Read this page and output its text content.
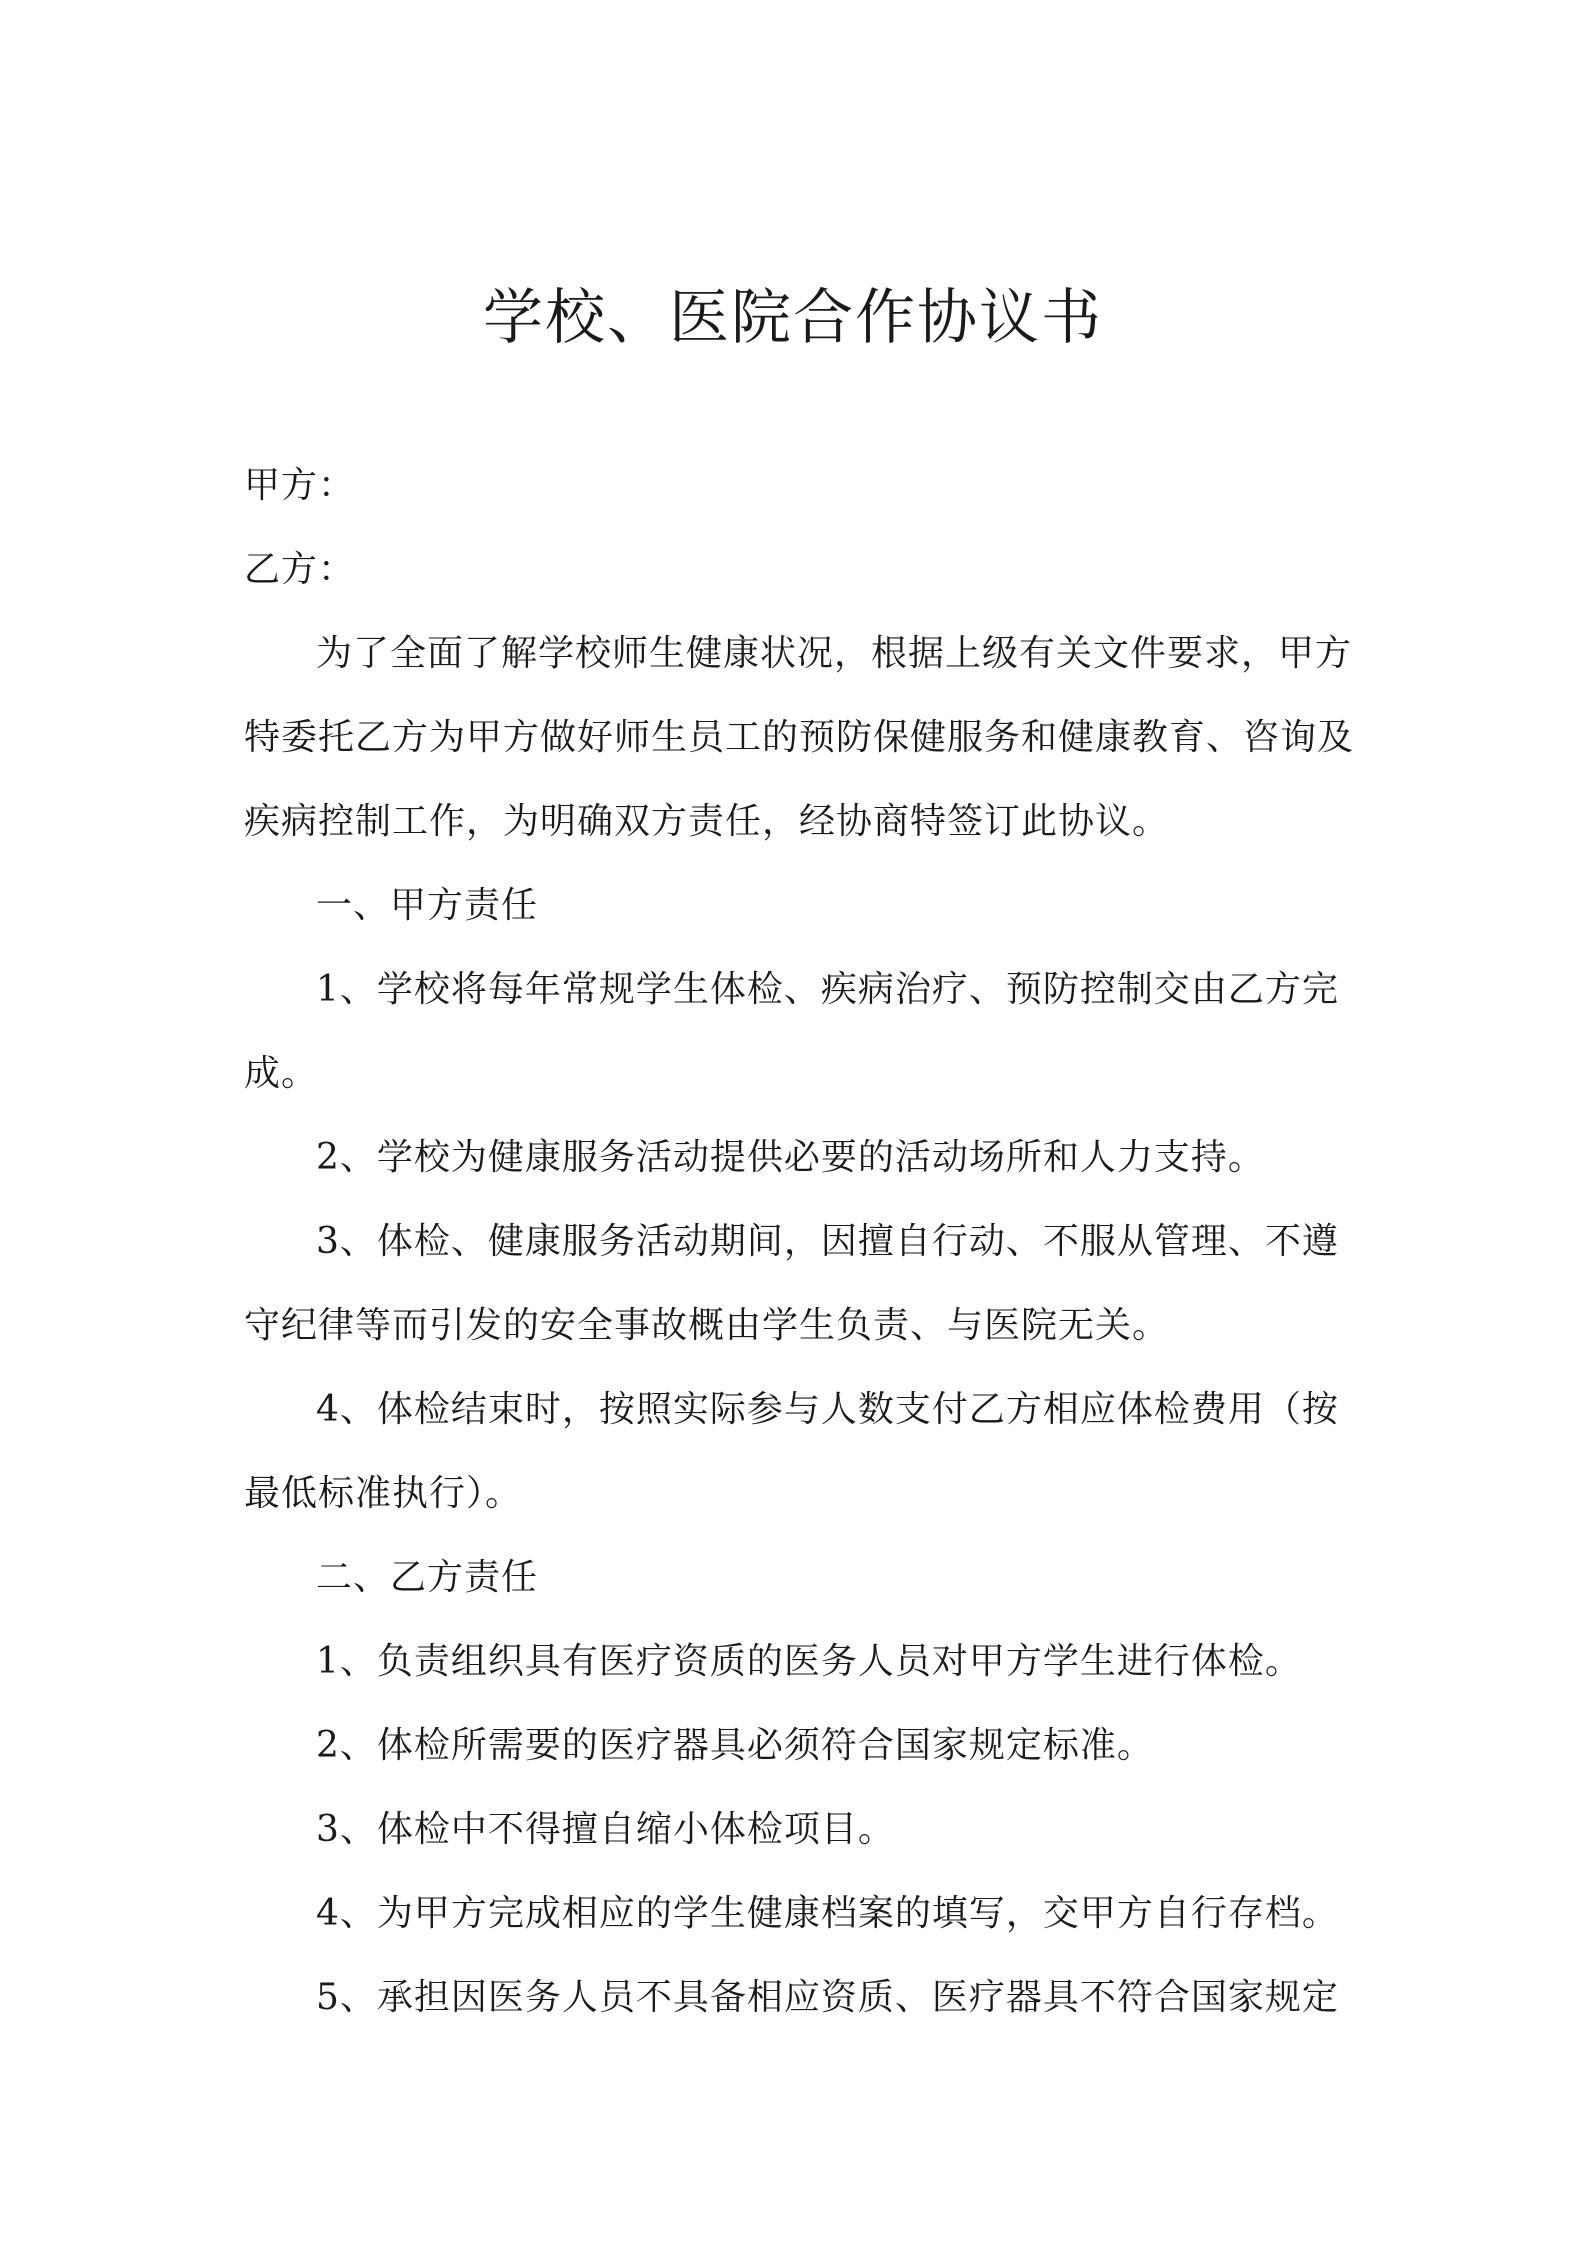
学校、医院合作协议书
甲方：
乙方：
为了全面了解学校师生健康状况，根据上级有关文件要求，甲方
特委托乙方为甲方做好师生员工的预防保健服务和健康教育、咨询及
疾病控制工作，为明确双方责任，经协商特签订此协议。
一、甲方责任
1、学校将每年常规学生体检、疾病治疗、预防控制交由乙方完
成。
2、学校为健康服务活动提供必要的活动场所和人力支持。
3、体检、健康服务活动期间，因擅自行动、不服从管理、不遵
守纪律等而引发的安全事故概由学生负责、与医院无关。
4、体检结束时，按照实际参与人数支付乙方相应体检费用（按
最低标准执行）。
二、乙方责任
1、负责组织具有医疗资质的医务人员对甲方学生进行体检。
2、体检所需要的医疗器具必须符合国家规定标准。
3、体检中不得擅自缩小体检项目。
4、为甲方完成相应的学生健康档案的填写，交甲方自行存档。
5、承担因医务人员不具备相应资质、医疗器具不符合国家规定
